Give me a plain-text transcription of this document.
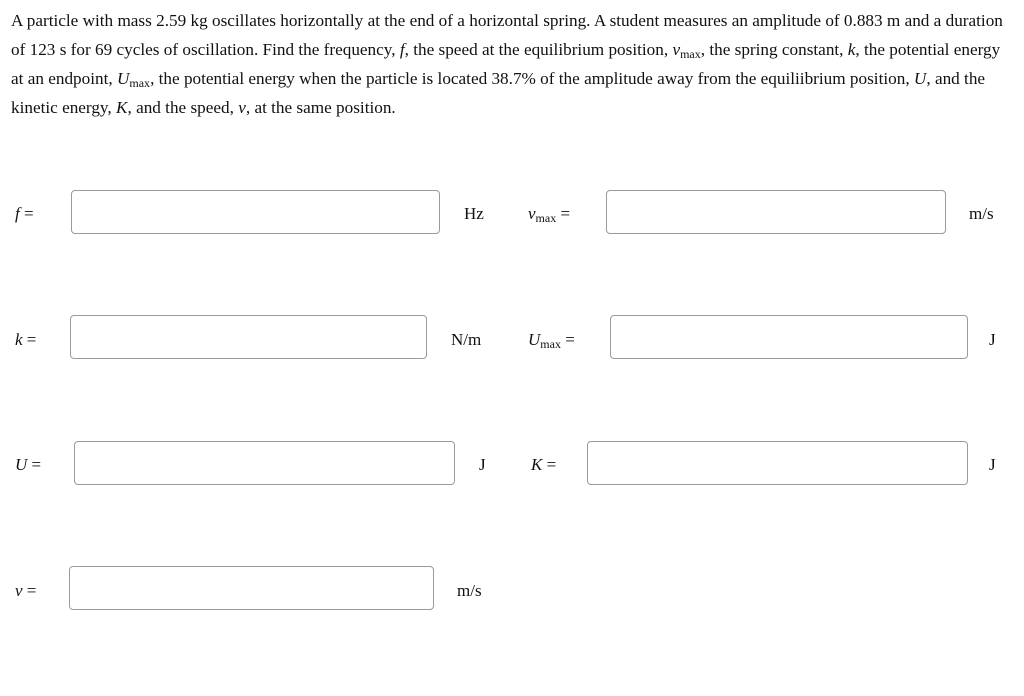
A particle with mass 2.59 kg oscillates horizontally at the end of a horizontal spring. A student measures an amplitude of 0.883 m and a duration of 123 s for 69 cycles of oscillation. Find the frequency, f, the speed at the equilibrium position, $v_{max}$, the spring constant, k, the potential energy at an endpoint, $U_{max}$, the potential energy when the particle is located 38.7% of the amplitude away from the equiliibrium position, U, and the kinetic energy, K, and the speed, v, at the same position.
f =	Hz	$v_{max}$ =	m/s
k =	N/m	$U_{max}$ =	J
U =	J	K =	J
v =	m/s
